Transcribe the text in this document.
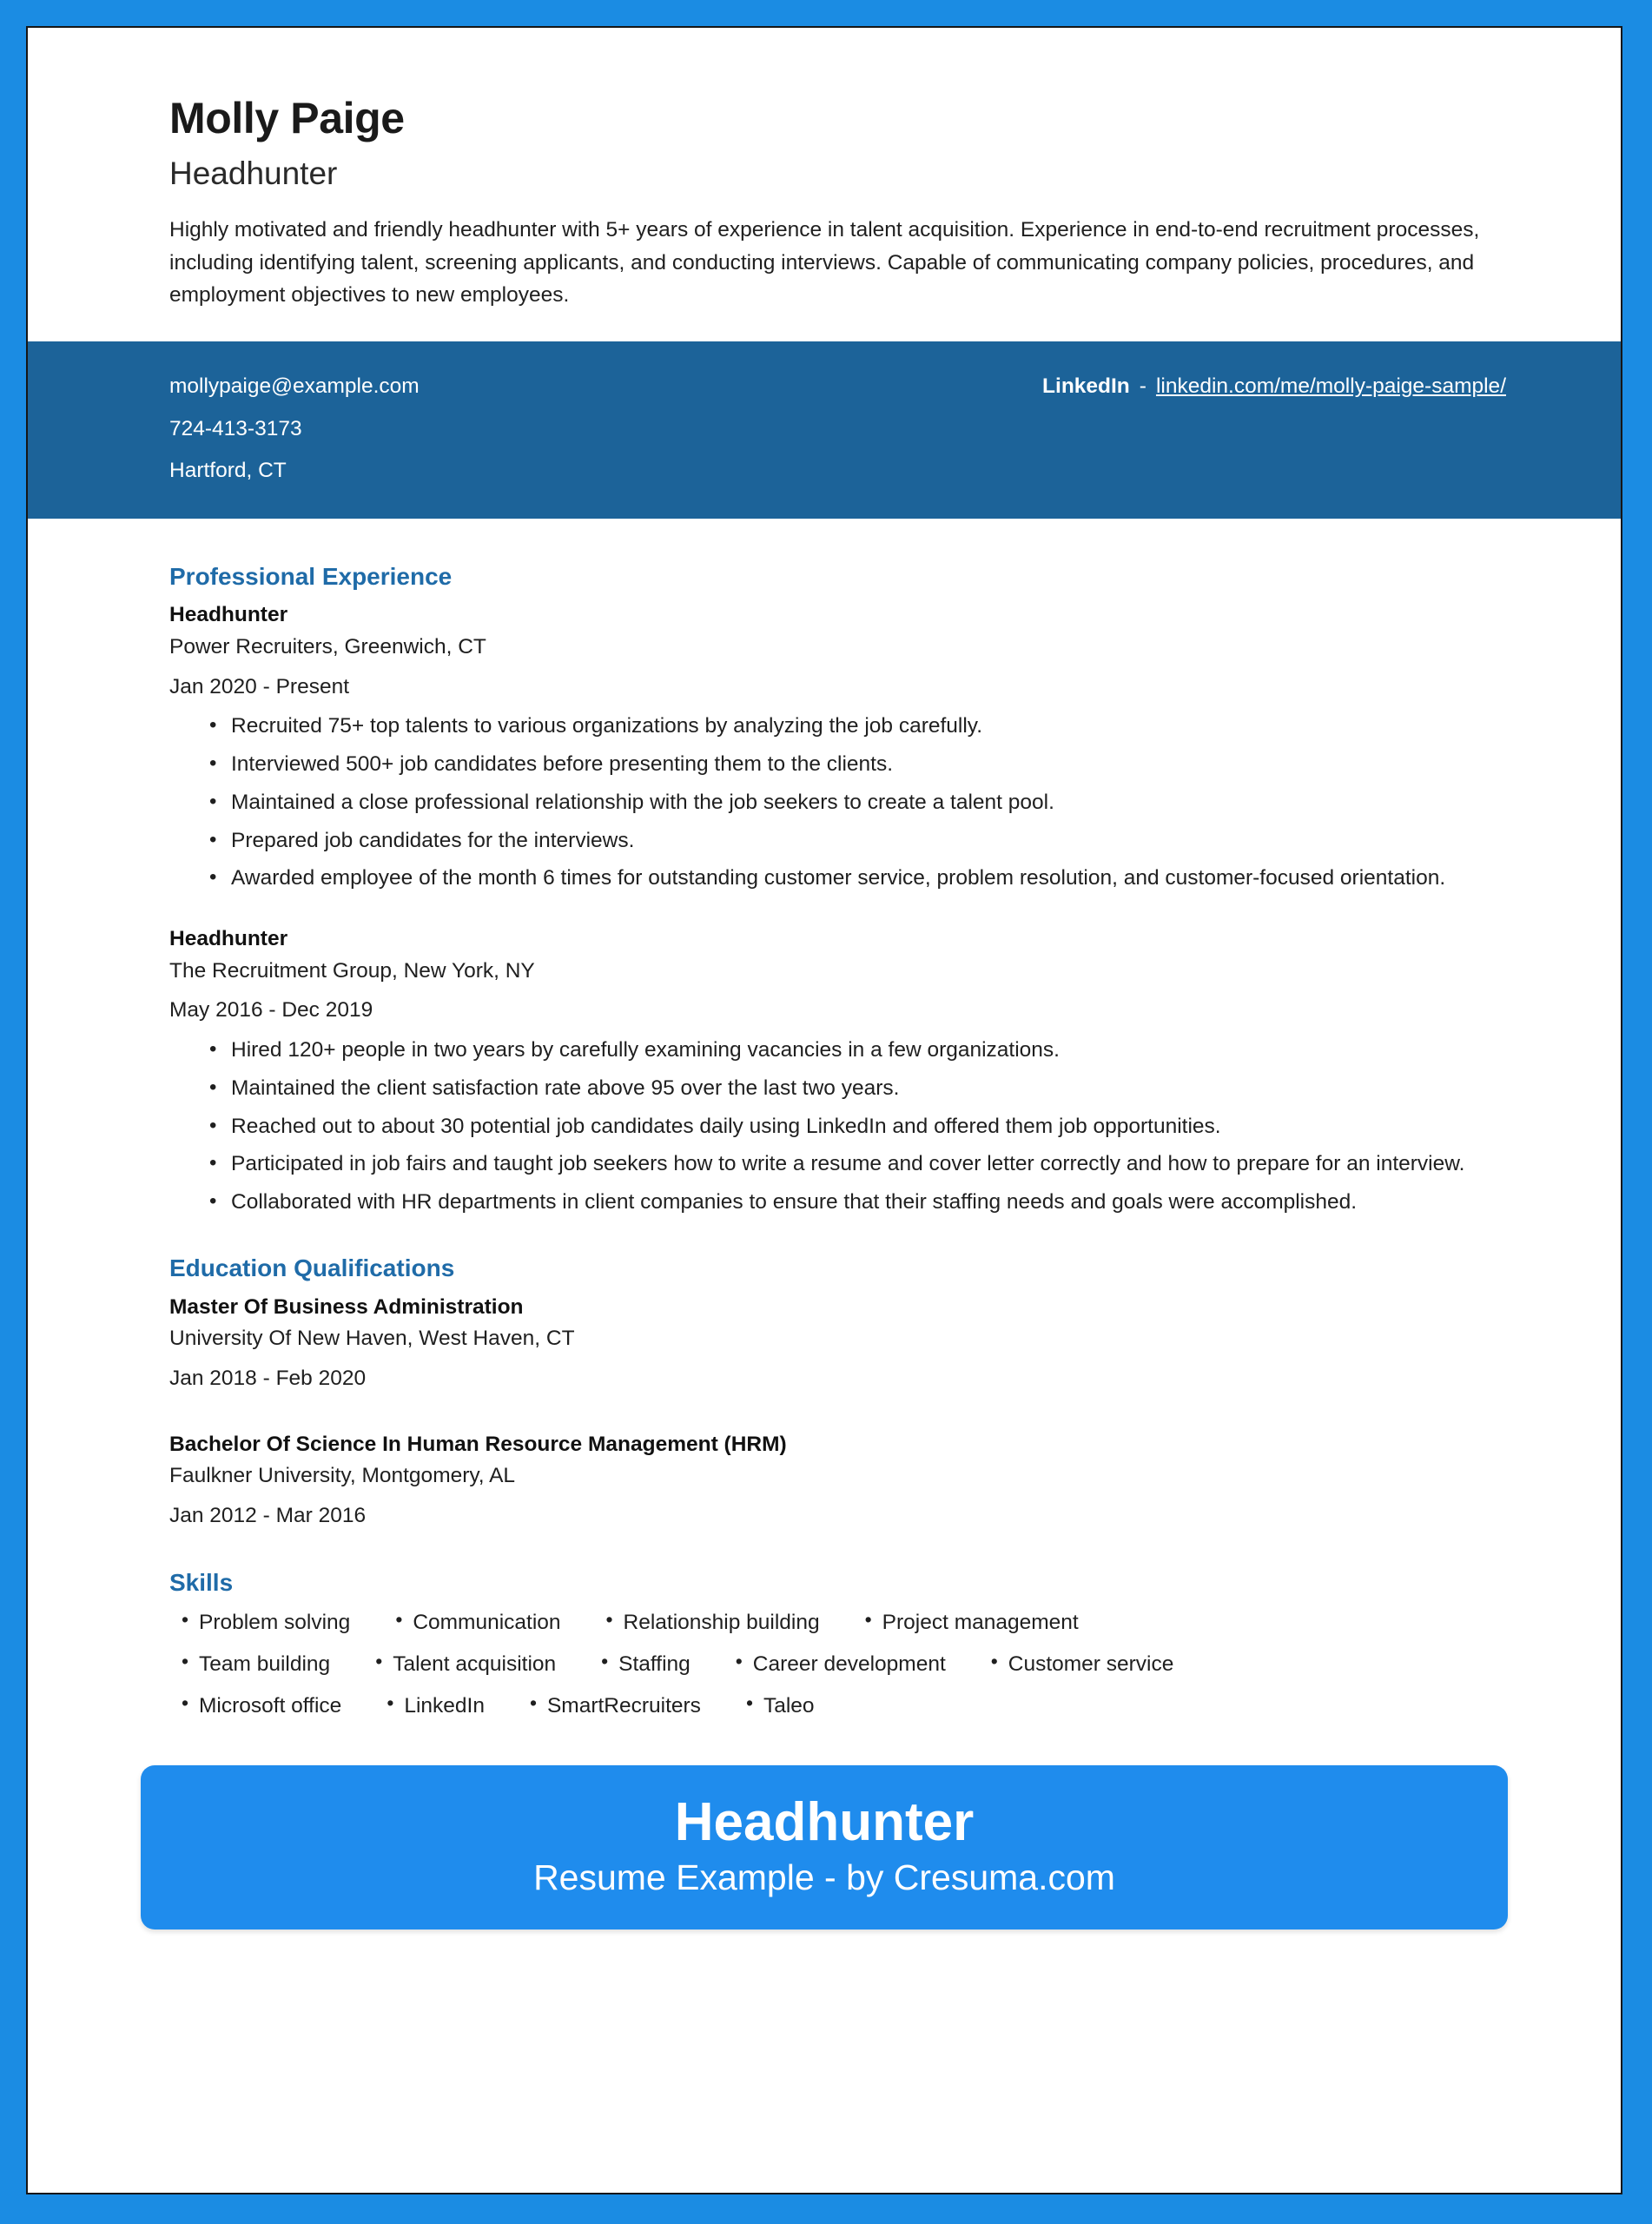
Molly Paige
Headhunter

Highly motivated and friendly headhunter with 5+ years of experience in talent acquisition. Experience in end-to-end recruitment processes, including identifying talent, screening applicants, and conducting interviews. Capable of communicating company policies, procedures, and employment objectives to new employees.

mollypaige@example.com
724-413-3173
Hartford, CT
LinkedIn - linkedin.com/me/molly-paige-sample/
Professional Experience
Headhunter
Power Recruiters, Greenwich, CT
Jan 2020 - Present
• Recruited 75+ top talents to various organizations by analyzing the job carefully.
• Interviewed 500+ job candidates before presenting them to the clients.
• Maintained a close professional relationship with the job seekers to create a talent pool.
• Prepared job candidates for the interviews.
• Awarded employee of the month 6 times for outstanding customer service, problem resolution, and customer-focused orientation.
Headhunter
The Recruitment Group, New York, NY
May 2016 - Dec 2019
• Hired 120+ people in two years by carefully examining vacancies in a few organizations.
• Maintained the client satisfaction rate above 95 over the last two years.
• Reached out to about 30 potential job candidates daily using LinkedIn and offered them job opportunities.
• Participated in job fairs and taught job seekers how to write a resume and cover letter correctly and how to prepare for an interview.
• Collaborated with HR departments in client companies to ensure that their staffing needs and goals were accomplished.
Education Qualifications
Master Of Business Administration
University Of New Haven, West Haven, CT
Jan 2018 - Feb 2020
Bachelor Of Science In Human Resource Management (HRM)
Faulkner University, Montgomery, AL
Jan 2012 - Mar 2016
Skills
• Problem solving	• Communication	• Relationship building	• Project management
• Team building	• Talent acquisition	• Staffing	• Career development	• Customer service
• Microsoft office	• LinkedIn	• SmartRecruiters	• Taleo
Headhunter
Resume Example - by Cresuma.com
